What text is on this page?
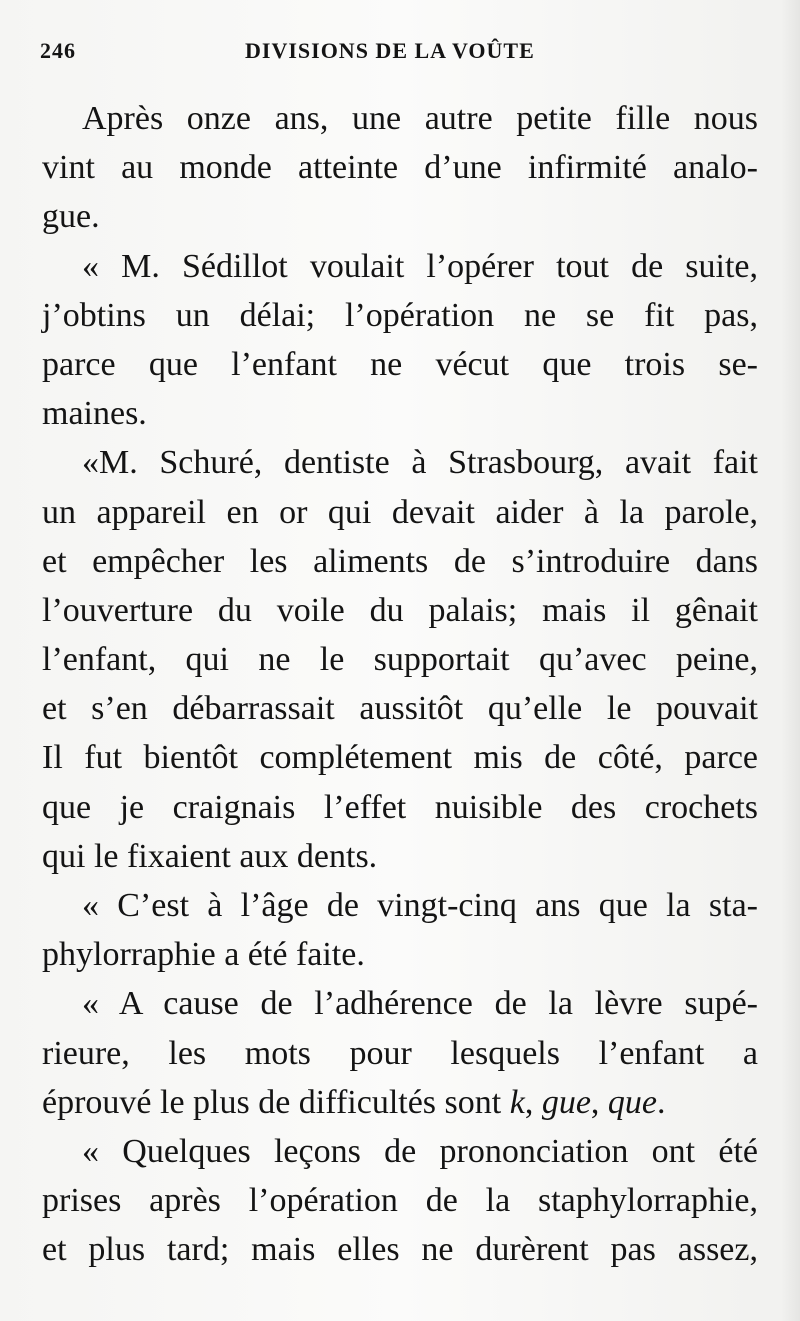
246	DIVISIONS DE LA VOÛTE
Après onze ans, une autre petite fille nous
vint au monde atteinte d’une infirmité analo-
gue.
« M. Sédillot voulait l’opérer tout de suite,
j’obtins un délai; l’opération ne se fit pas,
parce que l’enfant ne vécut que trois se-
maines.
«M. Schuré, dentiste à Strasbourg, avait fait
un appareil en or qui devait aider à la parole,
et empêcher les aliments de s’introduire dans
l’ouverture du voile du palais; mais il gênait
l’enfant, qui ne le supportait qu’avec peine,
et s’en débarrassait aussitôt qu’elle le pouvait
Il fut bientôt complétement mis de côté, parce
que je craignais l’effet nuisible des crochets
qui le fixaient aux dents.
« C’est à l’âge de vingt-cinq ans que la sta-
phylorraphie a été faite.
« A cause de l’adhérence de la lèvre supé-
rieure, les mots pour lesquels l’enfant a
éprouvé le plus de difficultés sont k, gue, que.
« Quelques leçons de prononciation ont été
prises après l’opération de la staphylorraphie,
et plus tard; mais elles ne durèrent pas assez,
